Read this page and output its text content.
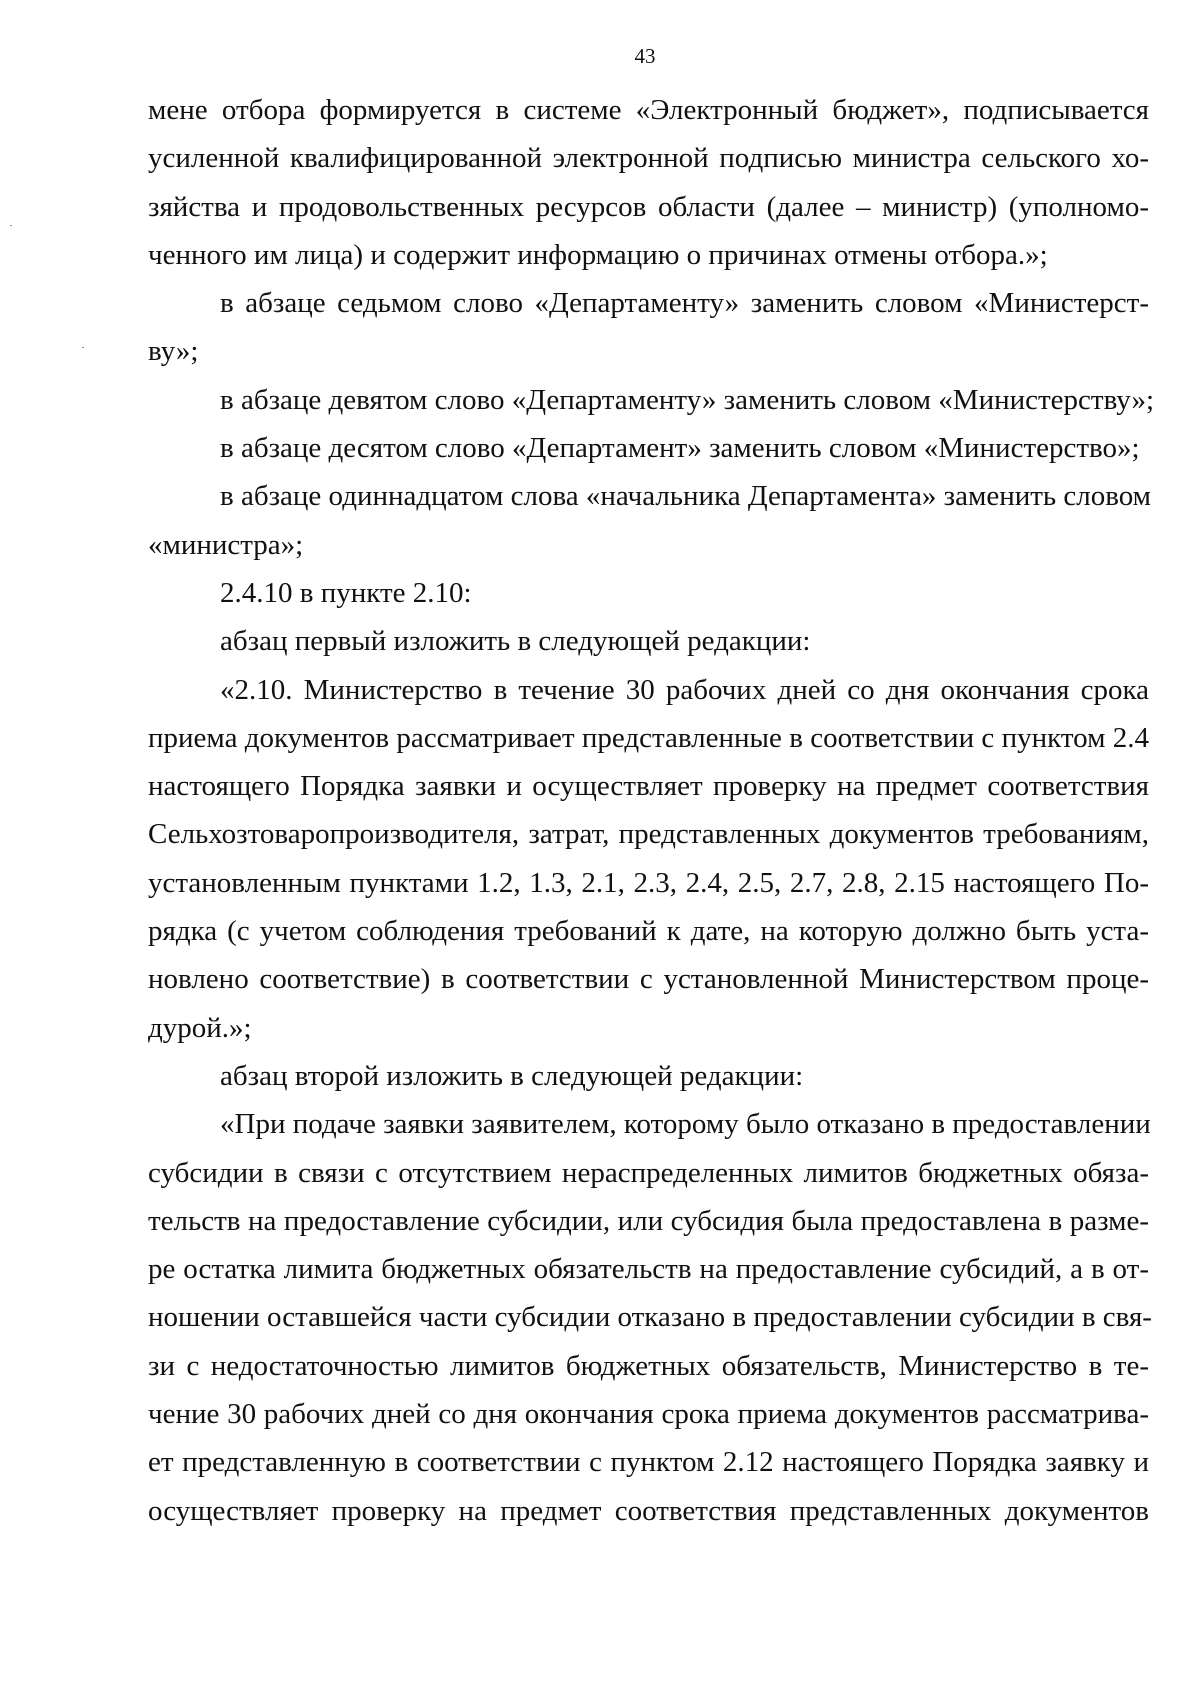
43
мене отбора формируется в системе «Электронный бюджет», подписывается
усиленной квалифицированной электронной подписью министра сельского хо-
зяйства и продовольственных ресурсов области (далее – министр) (уполномо-
ченного им лица) и содержит информацию о причинах отмены отбора.»;
в абзаце седьмом слово «Департаменту» заменить словом «Министерст-
ву»;
в абзаце девятом слово «Департаменту» заменить словом «Министерству»;
в абзаце десятом слово «Департамент» заменить словом «Министерство»;
в абзаце одиннадцатом слова «начальника Департамента» заменить словом
«министра»;
2.4.10 в пункте 2.10:
абзац первый изложить в следующей редакции:
«2.10. Министерство в течение 30 рабочих дней со дня окончания срока
приема документов рассматривает представленные в соответствии с пунктом 2.4
настоящего Порядка заявки и осуществляет проверку на предмет соответствия
Сельхозтоваропроизводителя, затрат, представленных документов требованиям,
установленным пунктами 1.2, 1.3, 2.1, 2.3, 2.4, 2.5, 2.7, 2.8, 2.15 настоящего По-
рядка (с учетом соблюдения требований к дате, на которую должно быть уста-
новлено соответствие) в соответствии с установленной Министерством проце-
дурой.»;
абзац второй изложить в следующей редакции:
«При подаче заявки заявителем, которому было отказано в предоставлении
субсидии в связи с отсутствием нераспределенных лимитов бюджетных обяза-
тельств на предоставление субсидии, или субсидия была предоставлена в разме-
ре остатка лимита бюджетных обязательств на предоставление субсидий, а в от-
ношении оставшейся части субсидии отказано в предоставлении субсидии в свя-
зи с недостаточностью лимитов бюджетных обязательств, Министерство в те-
чение 30 рабочих дней со дня окончания срока приема документов рассматрива-
ет представленную в соответствии с пунктом 2.12 настоящего Порядка заявку и
осуществляет проверку на предмет соответствия представленных документов
